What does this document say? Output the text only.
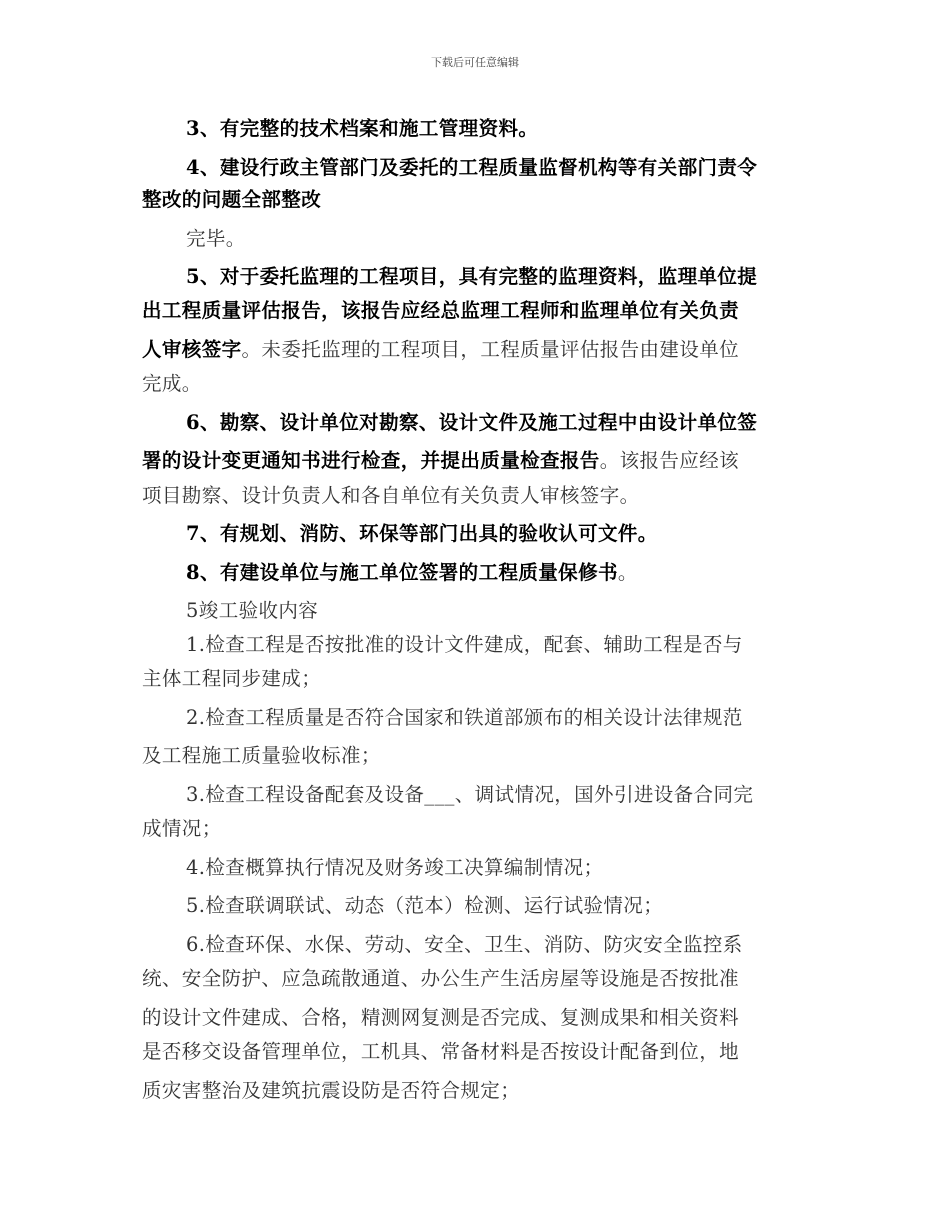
下载后可任意编辑
3、有完整的技术档案和施工管理资料。
4、建设行政主管部门及委托的工程质量监督机构等有关部门责令
整改的问题全部整改
完毕。
5、对于委托监理的工程项目，具有完整的监理资料，监理单位提
出工程质量评估报告，该报告应经总监理工程师和监理单位有关负责
人审核签字。未委托监理的工程项目，工程质量评估报告由建设单位
完成。
6、勘察、设计单位对勘察、设计文件及施工过程中由设计单位签
署的设计变更通知书进行检查，并提出质量检查报告。该报告应经该
项目勘察、设计负责人和各自单位有关负责人审核签字。
7、有规划、消防、环保等部门出具的验收认可文件。
8、有建设单位与施工单位签署的工程质量保修书。
5竣工验收内容
1.检查工程是否按批准的设计文件建成，配套、辅助工程是否与
主体工程同步建成；
2.检查工程质量是否符合国家和铁道部颁布的相关设计法律规范
及工程施工质量验收标准；
3.检查工程设备配套及设备___、调试情况，国外引进设备合同完
成情况；
4.检查概算执行情况及财务竣工决算编制情况；
5.检查联调联试、动态（范本）检测、运行试验情况；
6.检查环保、水保、劳动、安全、卫生、消防、防灾安全监控系
统、安全防护、应急疏散通道、办公生产生活房屋等设施是否按批准
的设计文件建成、合格，精测网复测是否完成、复测成果和相关资料
是否移交设备管理单位，工机具、常备材料是否按设计配备到位，地
质灾害整治及建筑抗震设防是否符合规定；
